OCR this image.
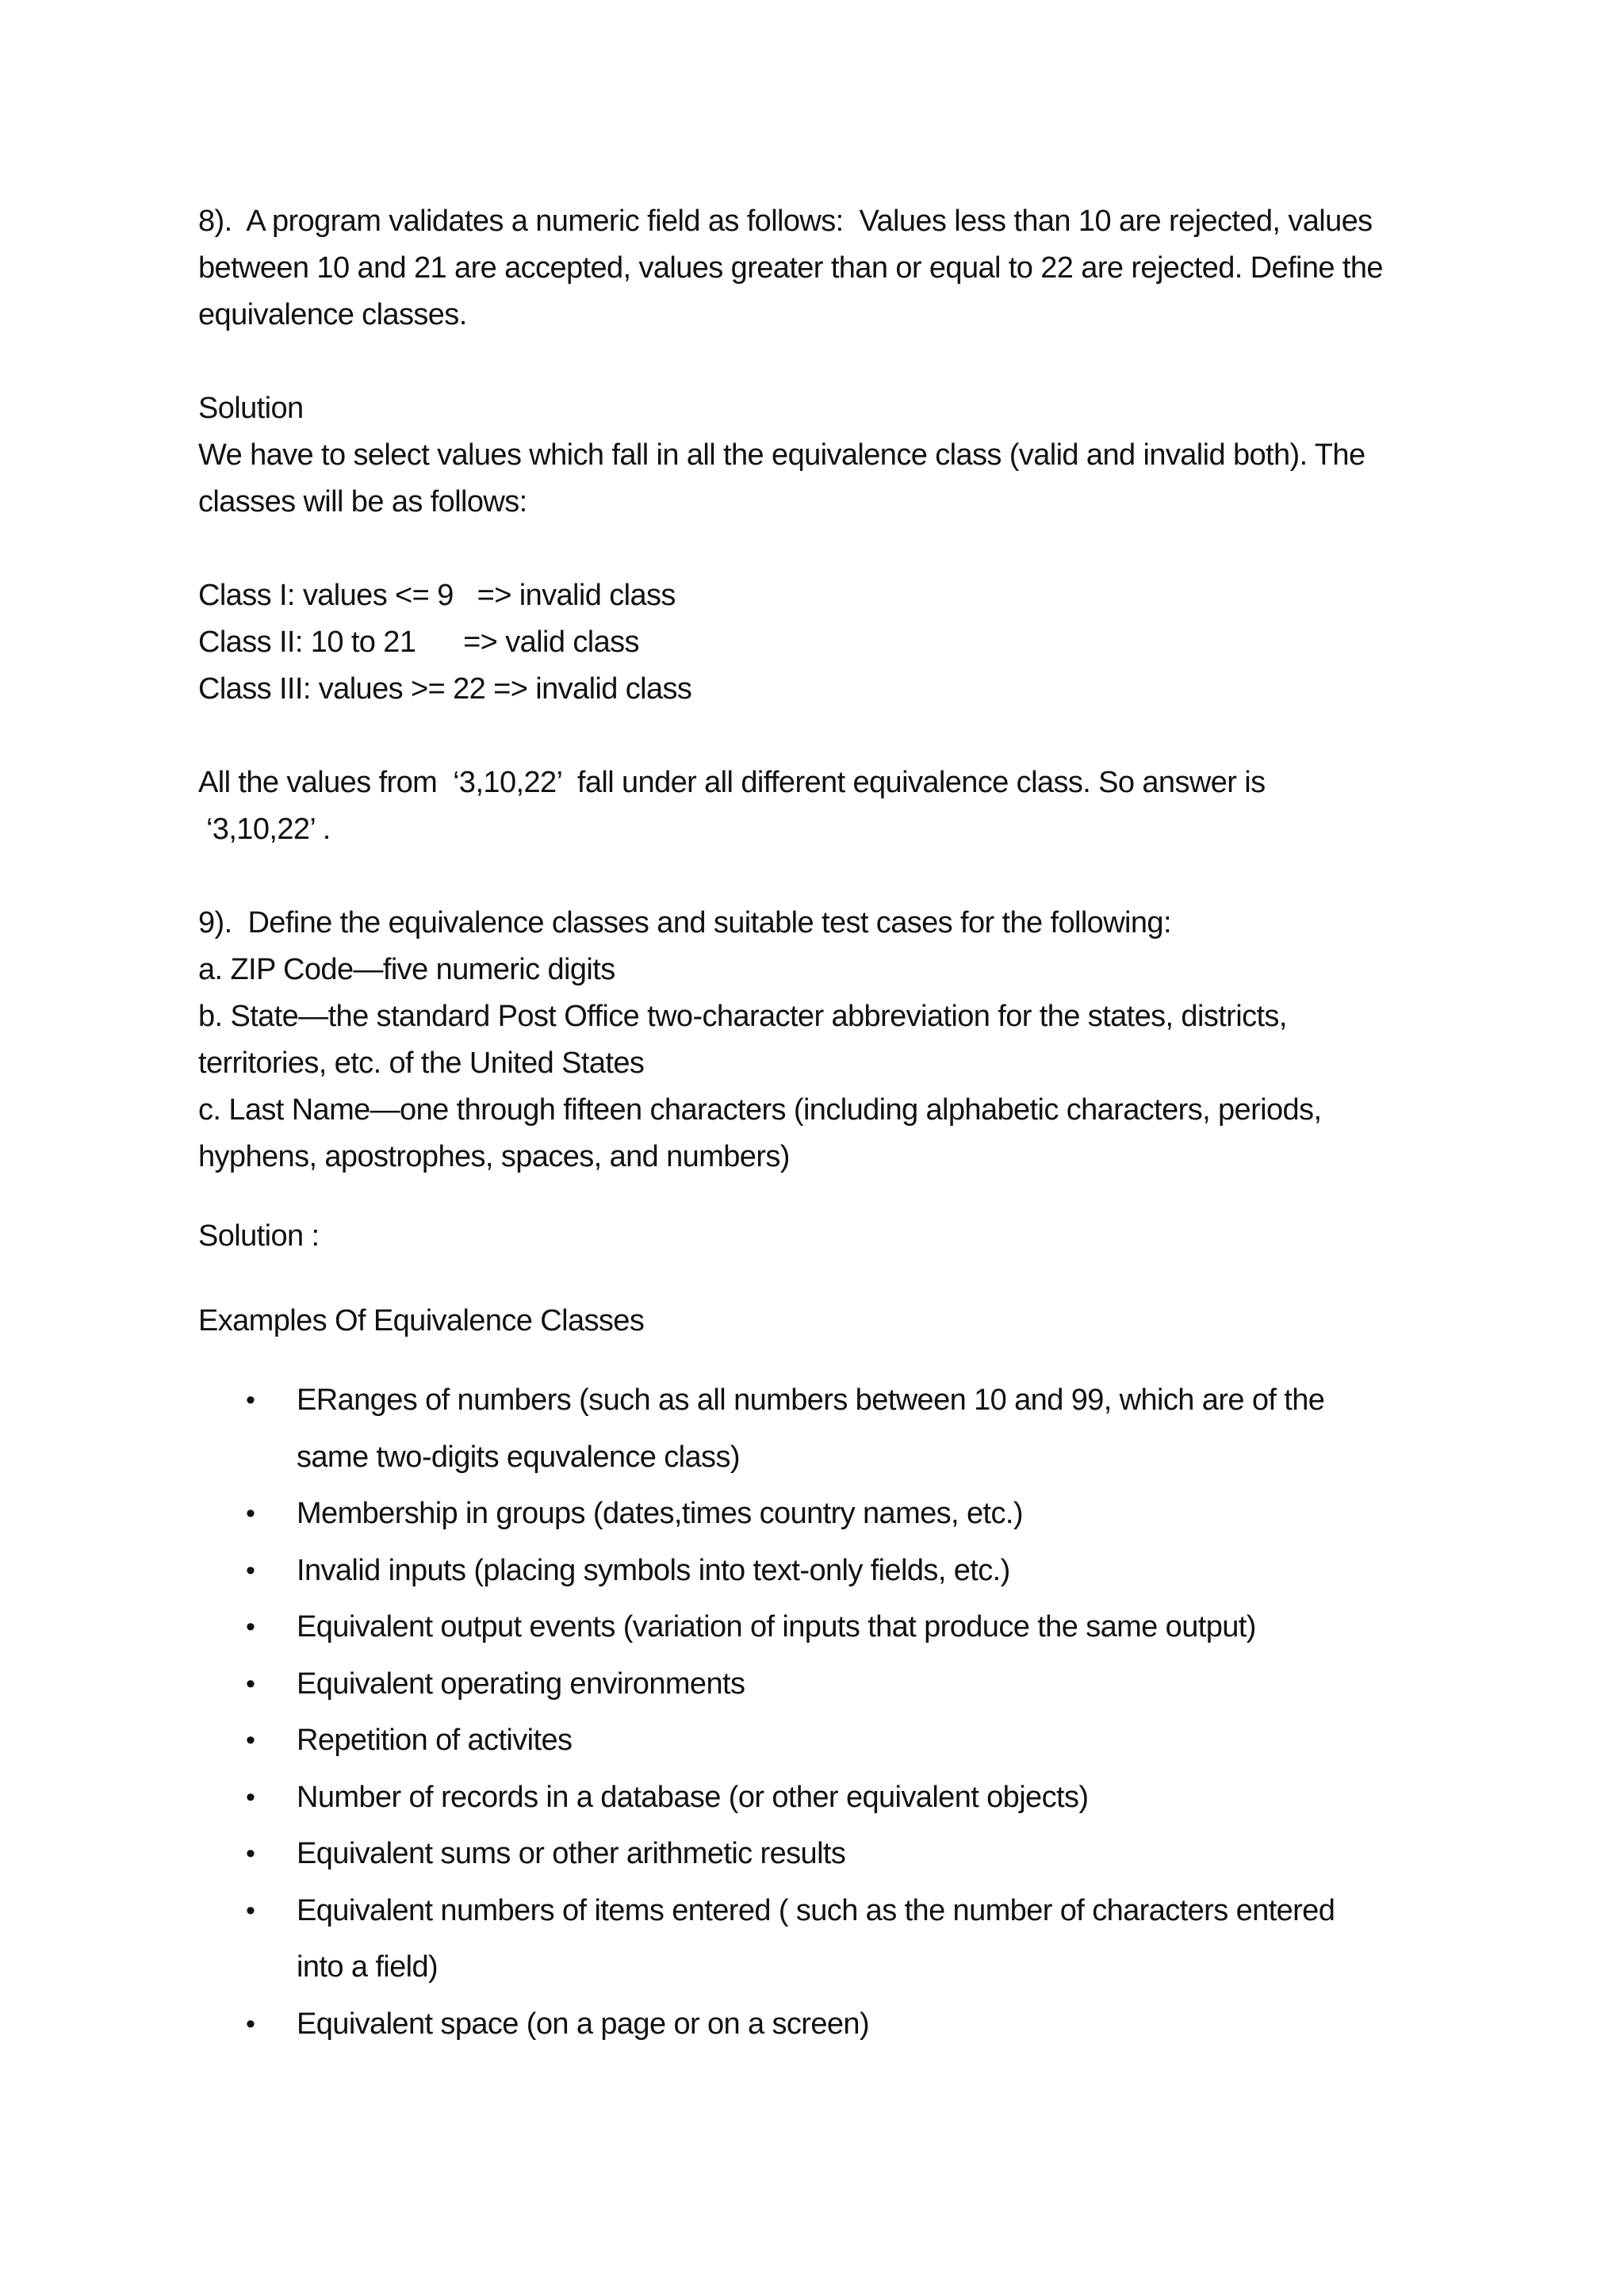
8).  A program validates a numeric field as follows:  Values less than 10 are rejected, values
between 10 and 21 are accepted, values greater than or equal to 22 are rejected. Define the
equivalence classes.
Solution
We have to select values which fall in all the equivalence class (valid and invalid both). The
classes will be as follows:
Class I: values <= 9   => invalid class
Class II: 10 to 21      => valid class
Class III: values >= 22 => invalid class
All the values from  ‘3,10,22’  fall under all different equivalence class. So answer is
‘3,10,22’ .
9).  Define the equivalence classes and suitable test cases for the following:
a. ZIP Code—five numeric digits
b. State—the standard Post Office two-character abbreviation for the states, districts,
territories, etc. of the United States
c. Last Name—one through fifteen characters (including alphabetic characters, periods,
hyphens, apostrophes, spaces, and numbers)
Solution :
Examples Of Equivalence Classes
• ERanges of numbers (such as all numbers between 10 and 99, which are of the
same two-digits equvalence class)
• Membership in groups (dates,times country names, etc.)
• Invalid inputs (placing symbols into text-only fields, etc.)
• Equivalent output events (variation of inputs that produce the same output)
• Equivalent operating environments
• Repetition of activites
• Number of records in a database (or other equivalent objects)
• Equivalent sums or other arithmetic results
• Equivalent numbers of items entered ( such as the number of characters entered
into a field)
• Equivalent space (on a page or on a screen)
